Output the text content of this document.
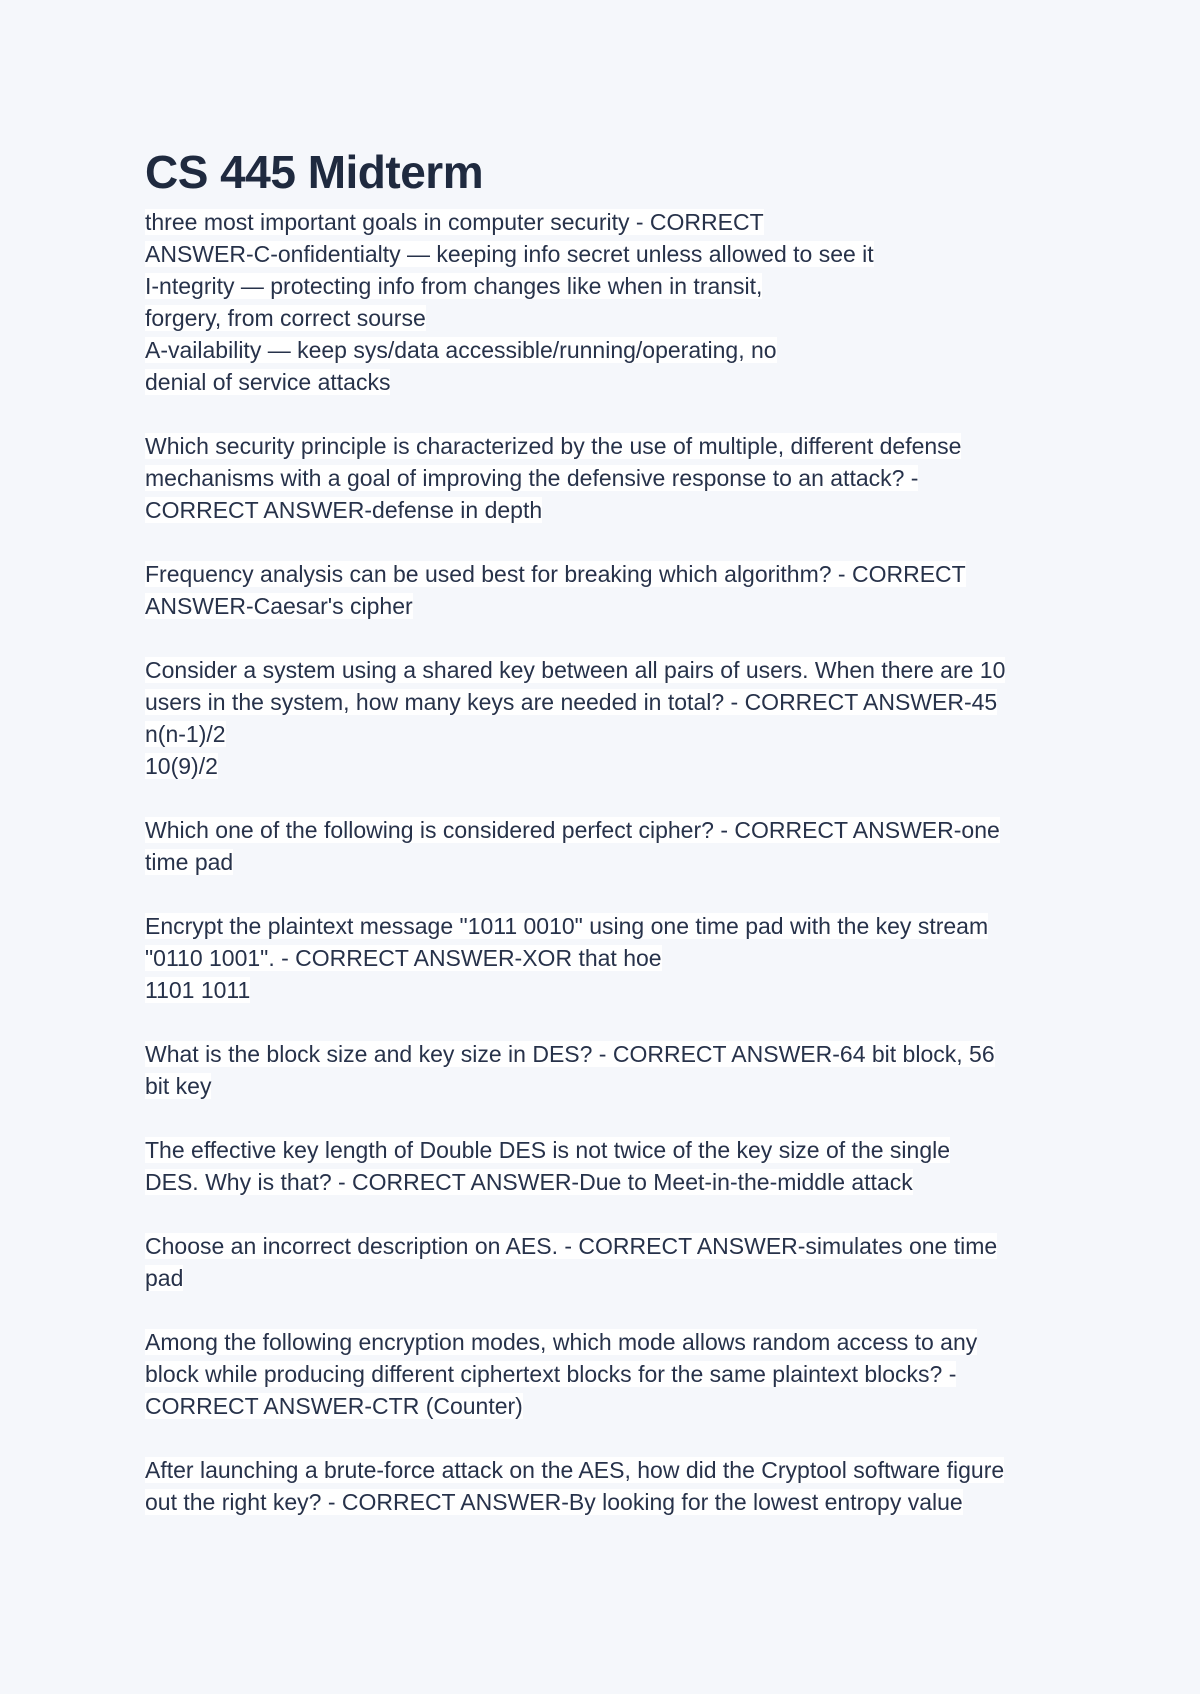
CS 445 Midterm
three most important goals in computer security - CORRECT
ANSWER-C-onfidentialty — keeping info secret unless allowed to see it
I-ntegrity — protecting info from changes like when in transit,
forgery, from correct sourse
A-vailability — keep sys/data accessible/running/operating, no
denial of service attacks
Which security principle is characterized by the use of multiple, different defense
mechanisms with a goal of improving the defensive response to an attack? -
CORRECT ANSWER-defense in depth
Frequency analysis can be used best for breaking which algorithm? - CORRECT
ANSWER-Caesar's cipher
Consider a system using a shared key between all pairs of users. When there are 10
users in the system, how many keys are needed in total? - CORRECT ANSWER-45
n(n-1)/2
10(9)/2
Which one of the following is considered perfect cipher? - CORRECT ANSWER-one
time pad
Encrypt the plaintext message "1011 0010" using one time pad with the key stream
"0110 1001". - CORRECT ANSWER-XOR that hoe
1101 1011
What is the block size and key size in DES? - CORRECT ANSWER-64 bit block, 56
bit key
The effective key length of Double DES is not twice of the key size of the single
DES. Why is that? - CORRECT ANSWER-Due to Meet-in-the-middle attack
Choose an incorrect description on AES. - CORRECT ANSWER-simulates one time
pad
Among the following encryption modes, which mode allows random access to any
block while producing different ciphertext blocks for the same plaintext blocks? -
CORRECT ANSWER-CTR (Counter)
After launching a brute-force attack on the AES, how did the Cryptool software figure
out the right key? - CORRECT ANSWER-By looking for the lowest entropy value
